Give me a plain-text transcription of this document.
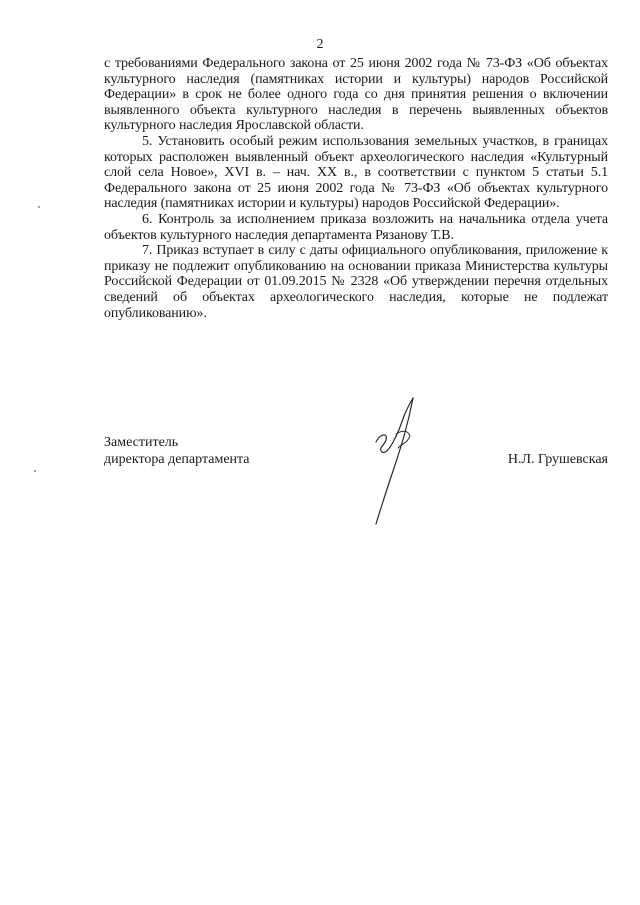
2

с требованиями Федерального закона от 25 июня 2002 года № 73-ФЗ «Об объектах культурного наследия (памятниках истории и культуры) народов Российской Федерации» в срок не более одного года со дня принятия решения о включении выявленного объекта культурного наследия в перечень выявленных объектов культурного наследия Ярославской области.

5. Установить особый режим использования земельных участков, в границах которых расположен выявленный объект археологического наследия «Культурный слой села Новое», XVI в. – нач. XX в., в соответствии с пунктом 5 статьи 5.1 Федерального закона от 25 июня 2002 года № 73-ФЗ «Об объектах культурного наследия (памятниках истории и культуры) народов Российской Федерации».

6. Контроль за исполнением приказа возложить на начальника отдела учета объектов культурного наследия департамента Рязанову Т.В.

7. Приказ вступает в силу с даты официального опубликования, приложение к приказу не подлежит опубликованию на основании приказа Министерства культуры Российской Федерации от 01.09.2015 № 2328 «Об утверждении перечня отдельных сведений об объектах археологического наследия, которые не подлежат опубликованию».

Заместитель
директора департамента	Н.Л. Грушевская
